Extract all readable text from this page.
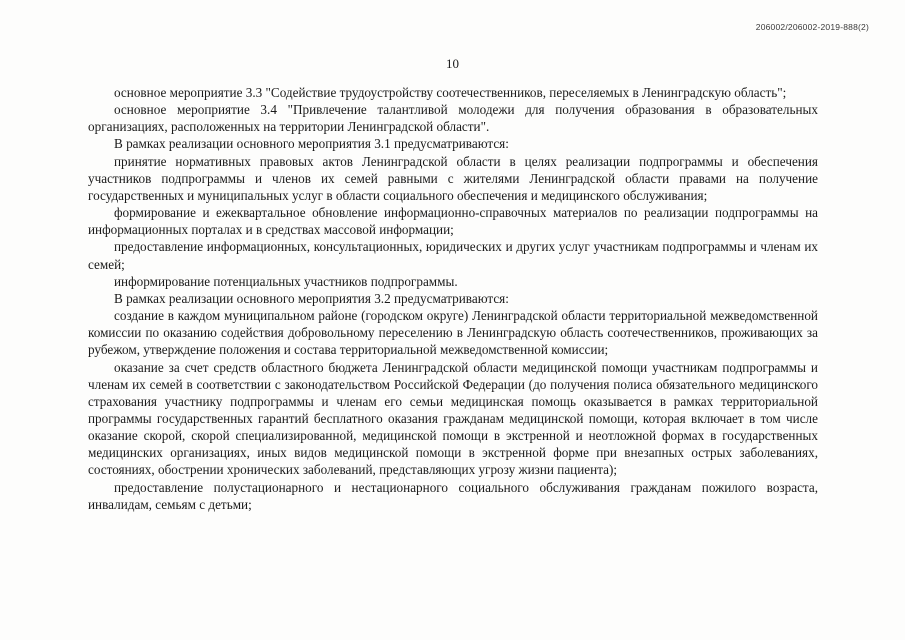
206002/206002-2019-888(2)
10

основное мероприятие 3.3 "Содействие трудоустройству соотечественников, переселяемых в Ленинградскую область";

основное мероприятие 3.4 "Привлечение талантливой молодежи для получения образования в образовательных организациях, расположенных на территории Ленинградской области".

В рамках реализации основного мероприятия 3.1 предусматриваются:

принятие нормативных правовых актов Ленинградской области в целях реализации подпрограммы и обеспечения участников подпрограммы и членов их семей равными с жителями Ленинградской области правами на получение государственных и муниципальных услуг в области социального обеспечения и медицинского обслуживания;

формирование и ежеквартальное обновление информационно-справочных материалов по реализации подпрограммы на информационных порталах и в средствах массовой информации;

предоставление информационных, консультационных, юридических и других услуг участникам подпрограммы и членам их семей;

информирование потенциальных участников подпрограммы.

В рамках реализации основного мероприятия 3.2 предусматриваются:

создание в каждом муниципальном районе (городском округе) Ленинградской области территориальной межведомственной комиссии по оказанию содействия добровольному переселению в Ленинградскую область соотечественников, проживающих за рубежом, утверждение положения и состава территориальной межведомственной комиссии;

оказание за счет средств областного бюджета Ленинградской области медицинской помощи участникам подпрограммы и членам их семей в соответствии с законодательством Российской Федерации (до получения полиса обязательного медицинского страхования участнику подпрограммы и членам его семьи медицинская помощь оказывается в рамках территориальной программы государственных гарантий бесплатного оказания гражданам медицинской помощи, которая включает в том числе оказание скорой, скорой специализированной, медицинской помощи в экстренной и неотложной формах в государственных медицинских организациях, иных видов медицинской помощи в экстренной форме при внезапных острых заболеваниях, состояниях, обострении хронических заболеваний, представляющих угрозу жизни пациента);

предоставление полустационарного и нестационарного социального обслуживания гражданам пожилого возраста, инвалидам, семьям с детьми;
